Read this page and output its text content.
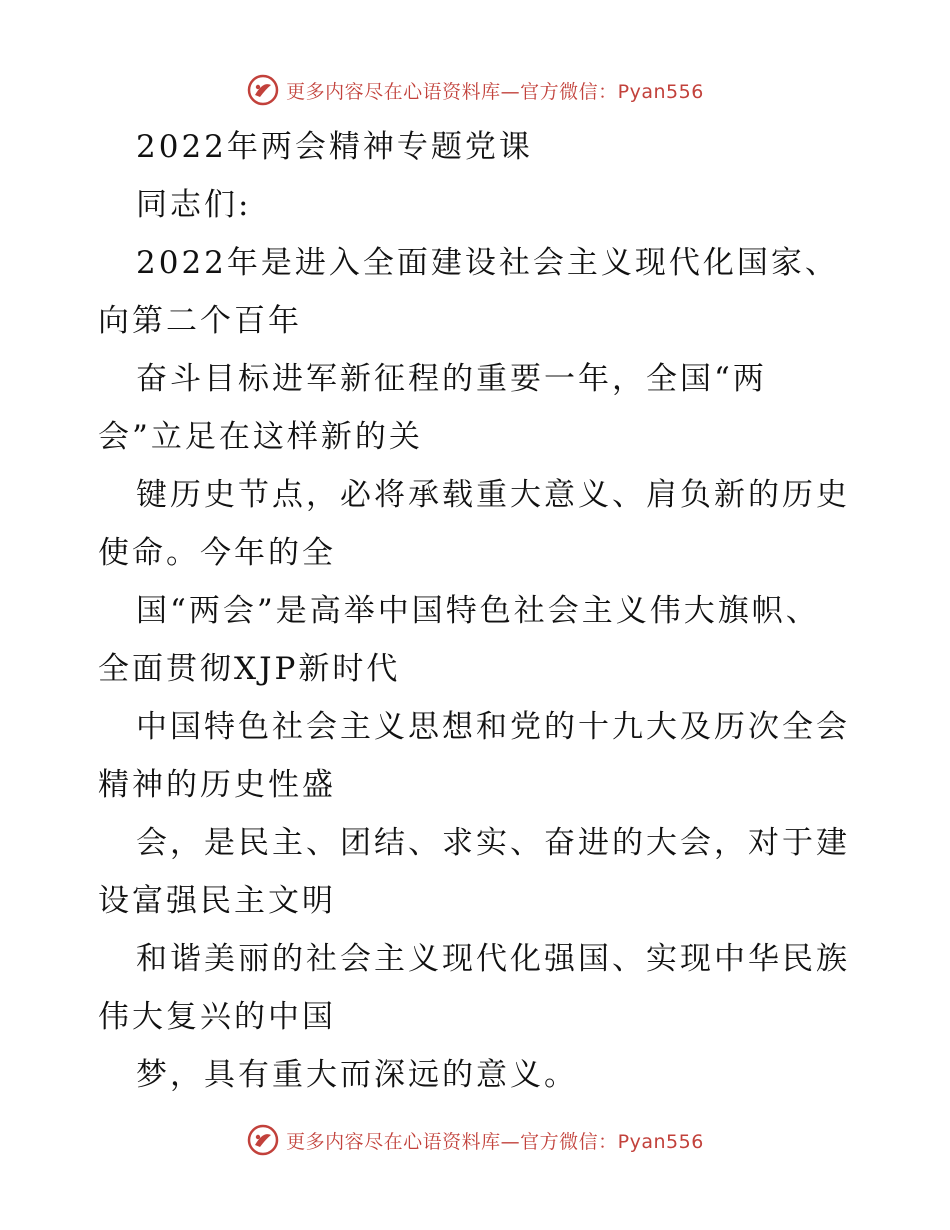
更多内容尽在心语资料库—官方微信：Pyan556
2022年两会精神专题党课
同志们:
2022年是进入全面建设社会主义现代化国家、
向第二个百年
奋斗目标进军新征程的重要一年，全国“两
会”立足在这样新的关
键历史节点，必将承载重大意义、肩负新的历史
使命。今年的全
国“两会”是高举中国特色社会主义伟大旗帜、
全面贯彻XJP新时代
中国特色社会主义思想和党的十九大及历次全会
精神的历史性盛
会，是民主、团结、求实、奋进的大会，对于建
设富强民主文明
和谐美丽的社会主义现代化强国、实现中华民族
伟大复兴的中国
梦，具有重大而深远的意义。
更多内容尽在心语资料库—官方微信：Pyan556
